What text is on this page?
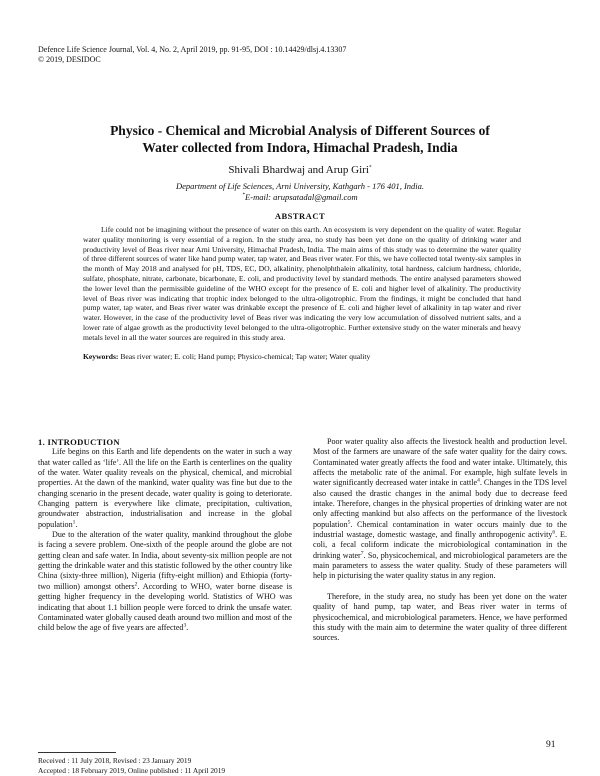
Defence Life Science Journal, Vol. 4, No. 2, April 2019, pp. 91-95, DOI : 10.14429/dlsj.4.13307
© 2019, DESIDOC
Physico - Chemical and Microbial Analysis of Different Sources of
Water collected from Indora, Himachal Pradesh, India
Shivali Bhardwaj and Arup Giri*
Department of Life Sciences, Arni University, Kathgarh - 176 401, India.
*E-mail: arupsatadal@gmail.com
ABSTRACT
Life could not be imagining without the presence of water on this earth. An ecosystem is very dependent on the quality of water. Regular water quality monitoring is very essential of a region. In the study area, no study has been yet done on the quality of drinking water and productivity level of Beas river near Arni University, Himachal Pradesh, India. The main aims of this study was to determine the water quality of three different sources of water like hand pump water, tap water, and Beas river water. For this, we have collected total twenty-six samples in the month of May 2018 and analysed for pH, TDS, EC, DO, alkalinity, phenolphthalein alkalinity, total hardness, calcium hardness, chloride, sulfate, phosphate, nitrate, carbonate, bicarbonate, E. coli, and productivity level by standard methods. The entire analysed parameters showed the lower level than the permissible guideline of the WHO except for the presence of E. coli and higher level of alkalinity. The productivity level of Beas river was indicating that trophic index belonged to the ultra-oligotrophic. From the findings, it might be concluded that hand pump water, tap water, and Beas river water was drinkable except the presence of E. coli and higher level of alkalinity in tap water and river water. However, in the case of the productivity level of Beas river was indicating the very low accumulation of dissolved nutrient salts, and a lower rate of algae growth as the productivity level belonged to the ultra-oligotrophic. Further extensive study on the water minerals and heavy metals level in all the water sources are required in this study area.
Keywords: Beas river water; E. coli; Hand pump; Physico-chemical; Tap water; Water quality

1. INTRODUCTION

Life begins on this Earth and life dependents on the water in such a way that water called as ‘life’. All the life on the Earth is centerlines on the quality of the water. Water quality reveals on the physical, chemical, and microbial properties. At the dawn of the mankind, water quality was fine but due to the changing scenario in the present decade, water quality is going to deteriorate. Changing pattern is everywhere like climate, precipitation, cultivation, groundwater abstraction, industrialisation and increase in the global population$^1$.

Due to the alteration of the water quality, mankind throughout the globe is facing a severe problem. One-sixth of the people around the globe are not getting clean and safe water. In India, about seventy-six million people are not getting the drinkable water and this statistic followed by the other country like China (sixty-three million), Nigeria (fifty-eight million) and Ethiopia (forty-two million) amongst others$^2$. According to WHO, water borne disease is getting higher frequency in the developing world. Statistics of WHO was indicating that about 1.1 billion people were forced to drink the unsafe water. Contaminated water globally caused death around two million and most of the child below the age of five years are affected$^3$.

Poor water quality also affects the livestock health and production level. Most of the farmers are unaware of the safe water quality for the dairy cows. Contaminated water greatly affects the food and water intake. Ultimately, this affects the metabolic rate of the animal. For example, high sulfate levels in water significantly decreased water intake in cattle$^4$. Changes in the TDS level also caused the drastic changes in the animal body due to decrease feed intake. Therefore, changes in the physical properties of drinking water are not only affecting mankind but also affects on the performance of the livestock population$^5$. Chemical contamination in water occurs mainly due to the industrial wastage, domestic wastage, and finally anthropogenic activity$^6$. E. coli, a fecal coliform indicate the microbiological contamination in the drinking water$^7$. So, physicochemical, and microbiological parameters are the main parameters to assess the water quality. Study of these parameters will help in picturising the water quality status in any region.

Therefore, in the study area, no study has been yet done on the water quality of hand pump, tap water, and Beas river water in terms of physicochemical, and microbiological parameters. Hence, we have performed this study with the main aim to determine the water quality of three different sources.

Received : 11 July 2018, Revised : 23 January 2019
Accepted : 18 February 2019, Online published : 11 April 2019
91
